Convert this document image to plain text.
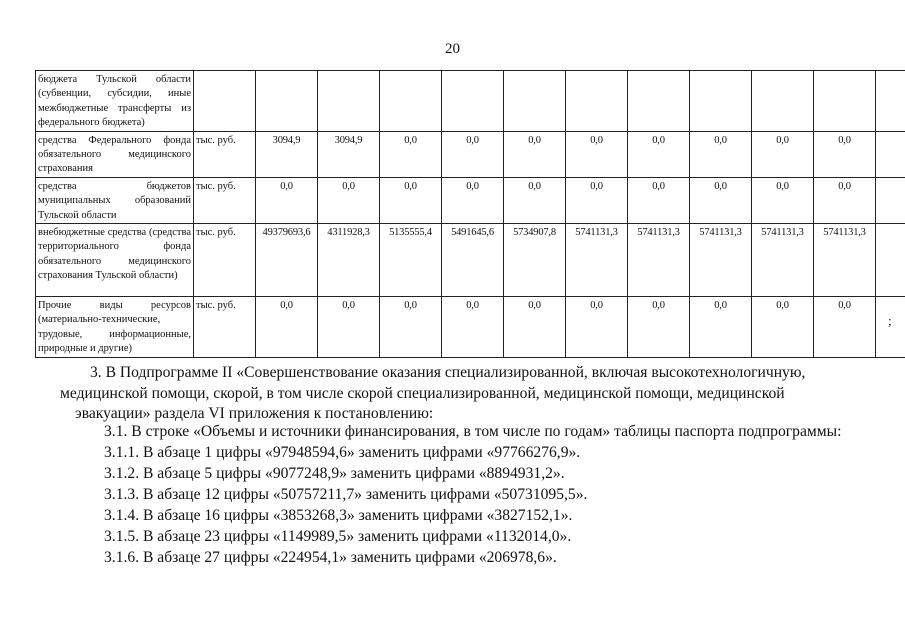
20
бюджета Тульской области (субвенции, субсидии, иные межбюджетные трансферты из федерального бюджета)												
средства Федерального фонда обязательного медицинского страхования	тыс. руб.	3094,9	3094,9	0,0	0,0	0,0	0,0	0,0	0,0	0,0	0,0	
средства бюджетов муниципальных образований Тульской области	тыс. руб.	0,0	0,0	0,0	0,0	0,0	0,0	0,0	0,0	0,0	0,0	
внебюджетные средства (средства территориального фонда обязательного медицинского страхования Тульской области)	тыс. руб.	49379693,6	4311928,3	5135555,4	5491645,6	5734907,8	5741131,3	5741131,3	5741131,3	5741131,3	5741131,3	
Прочие виды ресурсов (материально-технические, трудовые, информационные, природные и другие)	тыс. руб.	0,0	0,0	0,0	0,0	0,0	0,0	0,0	0,0	0,0	0,0	
;

3. В Подпрограмме II «Совершенствование оказания специализированной, включая высокотехнологичную,
медицинской помощи, скорой, в том числе скорой специализированной, медицинской помощи, медицинской
эвакуации» раздела VI приложения к постановлению:

3.1. В строке «Объемы и источники финансирования, в том числе по годам» таблицы паспорта подпрограммы:
3.1.1. В абзаце 1 цифры «97948594,6» заменить цифрами «97766276,9».
3.1.2. В абзаце 5 цифры «9077248,9» заменить цифрами «8894931,2».
3.1.3. В абзаце 12 цифры «50757211,7» заменить цифрами «50731095,5».
3.1.4. В абзаце 16 цифры «3853268,3» заменить цифрами «3827152,1».
3.1.5. В абзаце 23 цифры «1149989,5» заменить цифрами «1132014,0».
3.1.6. В абзаце 27 цифры «224954,1» заменить цифрами «206978,6».
